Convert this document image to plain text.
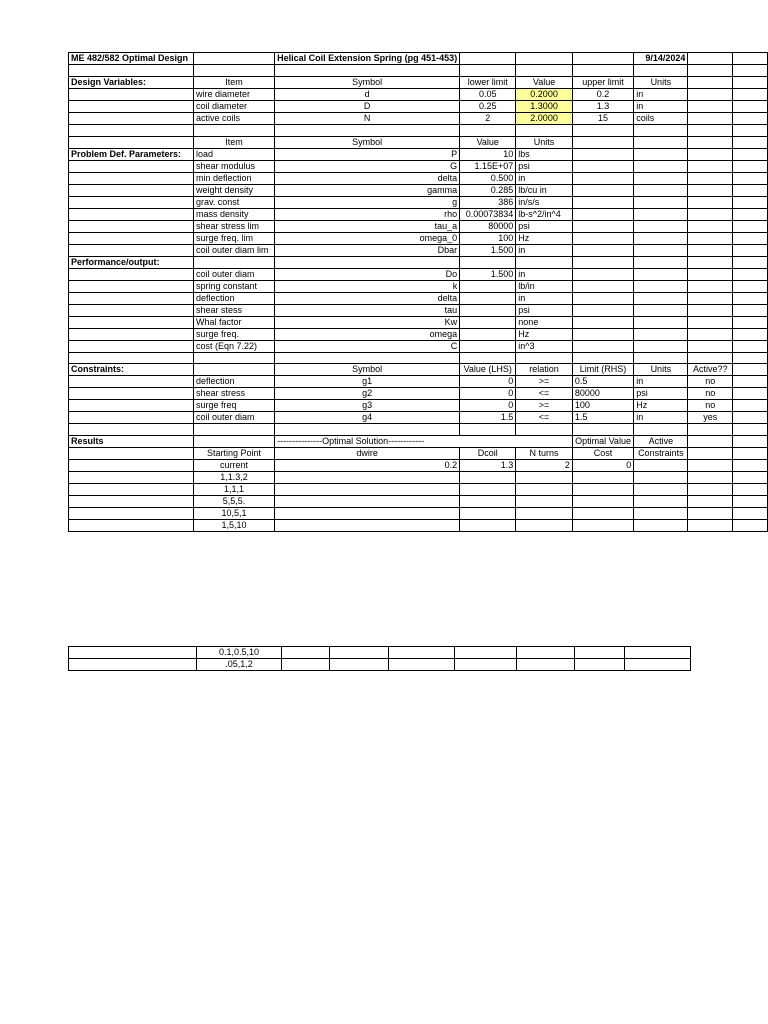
ME 482/582 Optimal Design		Helical Coil Extension Spring (pg 451-453)				9/14/2024		

Design Variables:	Item	Symbol	lower limit	Value	upper limit	Units		
	wire diameter	d	0.05	0.2000	0.2	in		
	coil diameter	D	0.25	1.3000	1.3	in		
	active coils	N	2	2.0000	15	coils		

	Item	Symbol	Value	Units				
Problem Def. Parameters:	load	P	10	lbs				
	shear modulus	G	1.15E+07	psi				
	min deflection	delta	0.500	in				
	weight density	gamma	0.285	lb/cu in				
	grav. const	g	386	in/s/s				
	mass density	rho	0.00073834	lb-s^2/in^4				
	shear stress lim	tau_a	80000	psi				
	surge freq. lim	omega_0	100	Hz				
	coil outer diam lim	Dbar	1.500	in				
Performance/output:								
	coil outer diam	Do	1.500	in				
	spring constant	k		lb/in				
	deflection	delta		in				
	shear stess	tau		psi				
	Whal factor	Kw		none				
	surge freq.	omega		Hz				
	cost (Eqn 7.22)	C		in^3				

Constraints:		Symbol	Value (LHS)	relation	Limit (RHS)	Units	Active??	
	deflection	g1	0	>=	0.5	in	no	
	shear stress	g2	0	<=	80000	psi	no	
	surge freq	g3	0	>=	100	Hz	no	
	coil outer diam	g4	1.5	<=	1.5	in	yes	

Results		---------------Optimal Solution------------			Optimal Value	Active		
	Starting Point	dwire	Dcoil	N turns	Cost	Constraints		
	current	0.2	1.3	2	0			
	1,1.3,2							
	1,1,1							
	5,5,5.							
	10,5,1							
	1,5,10							
	0.1,0.5,10							
	.05,1,2							
